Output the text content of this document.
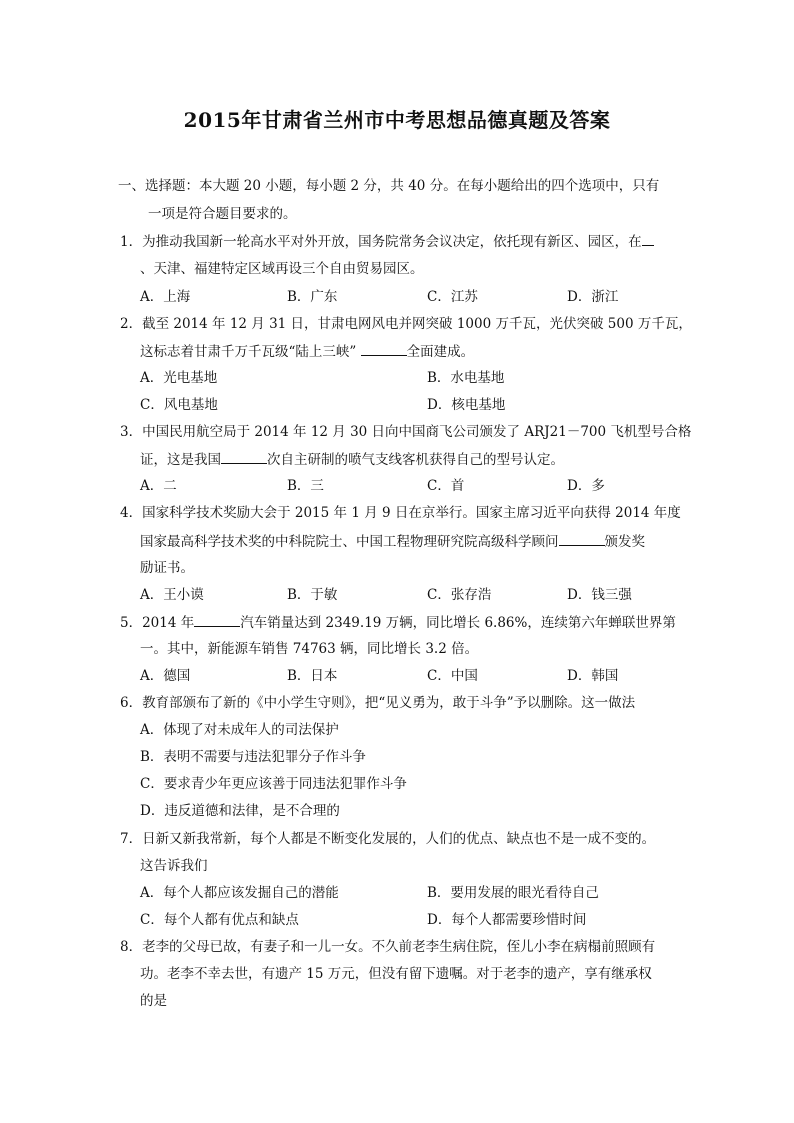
2015年甘肃省兰州市中考思想品德真题及答案
一、选择题：本大题 20 小题，每小题 2 分，共 40 分。在每小题给出的四个选项中，只有
一项是符合题目要求的。
1．为推动我国新一轮高水平对外开放，国务院常务会议决定，依托现有新区、园区，在
、天津、福建特定区域再设三个自由贸易园区。
A．上海	B．广东	C．江苏	D．浙江
2．截至 2014 年 12 月 31 日，甘肃电网风电并网突破 1000 万千瓦，光伏突破 500 万千瓦，
这标志着甘肃千万千瓦级“陆上三峡”	全面建成。
A．光电基地	B．水电基地
C．风电基地	D．核电基地
3．中国民用航空局于 2014 年 12 月 30 日向中国商飞公司颁发了 ARJ21－700 飞机型号合格
证，这是我国	次自主研制的喷气支线客机获得自己的型号认定。
A．二	B．三	C．首	D．多
4．国家科学技术奖励大会于 2015 年 1 月 9 日在京举行。国家主席习近平向获得 2014 年度
国家最高科学技术奖的中科院院士、中国工程物理研究院高级科学顾问	颁发奖
励证书。
A．王小谟	B．于敏	C．张存浩	D．钱三强
5．2014 年	汽车销量达到 2349.19 万辆，同比增长 6.86%，连续第六年蝉联世界第
一。其中，新能源车销售 74763 辆，同比增长 3.2 倍。
A．德国	B．日本	C．中国	D．韩国
6．教育部颁布了新的《中小学生守则》，把“见义勇为，敢于斗争”予以删除。这一做法
A．体现了对未成年人的司法保护
B．表明不需要与违法犯罪分子作斗争
C．要求青少年更应该善于同违法犯罪作斗争
D．违反道德和法律，是不合理的
7．日新又新我常新，每个人都是不断变化发展的，人们的优点、缺点也不是一成不变的。
这告诉我们
A．每个人都应该发掘自己的潜能	B．要用发展的眼光看待自己
C．每个人都有优点和缺点	D．每个人都需要珍惜时间
8．老李的父母已故，有妻子和一儿一女。不久前老李生病住院，侄儿小李在病榻前照顾有
功。老李不幸去世，有遗产 15 万元，但没有留下遗嘱。对于老李的遗产，享有继承权
的是
